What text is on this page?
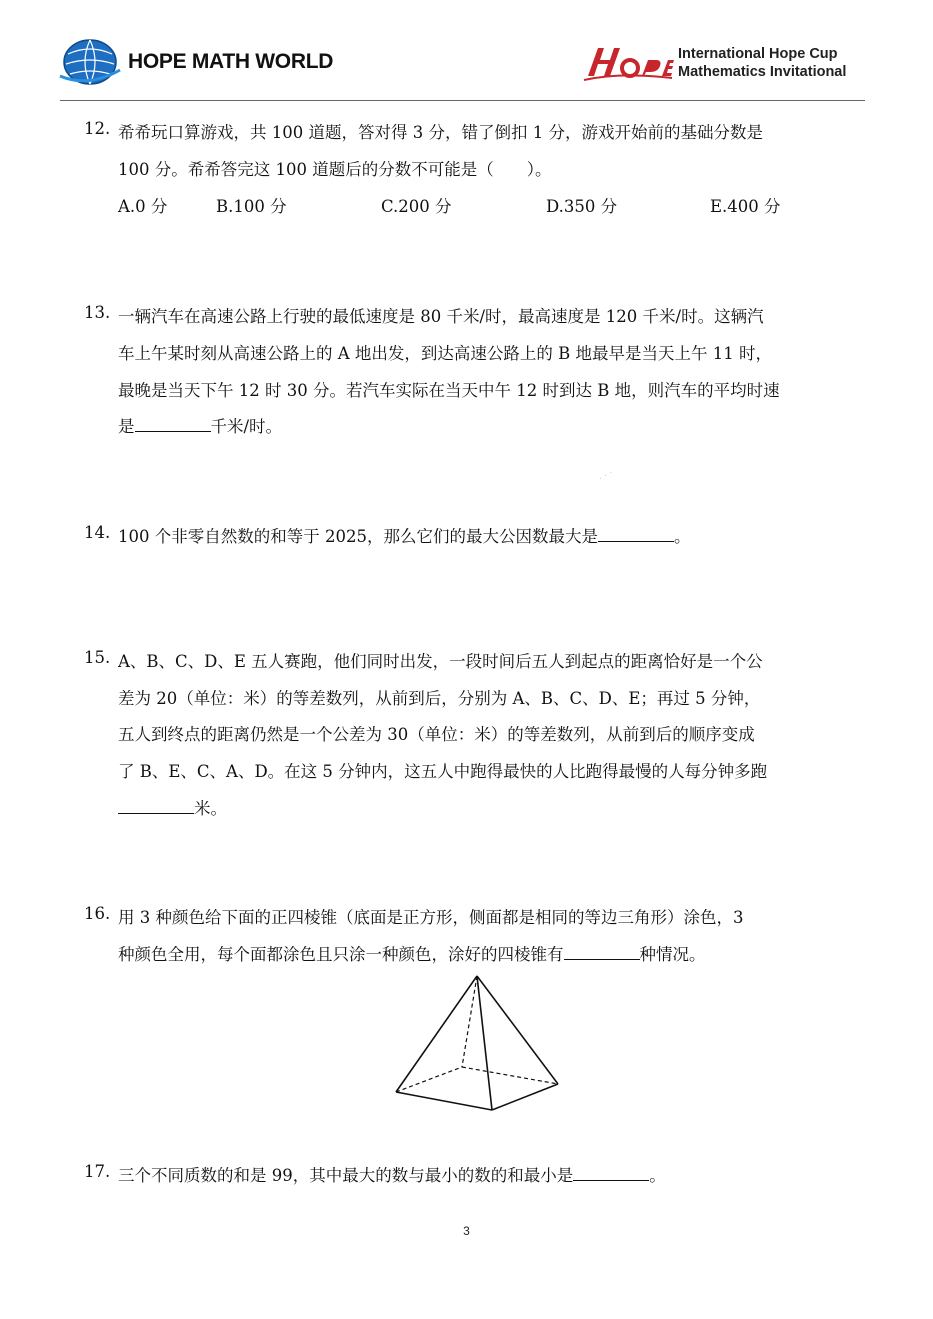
HOPE MATH WORLD	International Hope Cup
Mathematics Invitational
12. 希希玩口算游戏，共 100 道题，答对得 3 分，错了倒扣 1 分，游戏开始前的基础分数是
100 分。希希答完这 100 道题后的分数不可能是（　　）。
A.0 分	B.100 分	C.200 分	D.350 分	E.400 分
13. 一辆汽车在高速公路上行驶的最低速度是 80 千米/时，最高速度是 120 千米/时。这辆汽
车上午某时刻从高速公路上的 A 地出发，到达高速公路上的 B 地最早是当天上午 11 时，
最晚是当天下午 12 时 30 分。若汽车实际在当天中午 12 时到达 B 地，则汽车的平均时速
是	千米/时。
· · ·
14. 100 个非零自然数的和等于 2025，那么它们的最大公因数最大是	。
15. A、B、C、D、E 五人赛跑，他们同时出发，一段时间后五人到起点的距离恰好是一个公
差为 20（单位：米）的等差数列，从前到后，分别为 A、B、C、D、E；再过 5 分钟，
五人到终点的距离仍然是一个公差为 30（单位：米）的等差数列，从前到后的顺序变成
了 B、E、C、A、D。在这 5 分钟内，这五人中跑得最快的人比跑得最慢的人每分钟多跑
米。
16. 用 3 种颜色给下面的正四棱锥（底面是正方形，侧面都是相同的等边三角形）涂色，3
种颜色全用，每个面都涂色且只涂一种颜色，涂好的四棱锥有	种情况。
17. 三个不同质数的和是 99，其中最大的数与最小的数的和最小是	。
3
